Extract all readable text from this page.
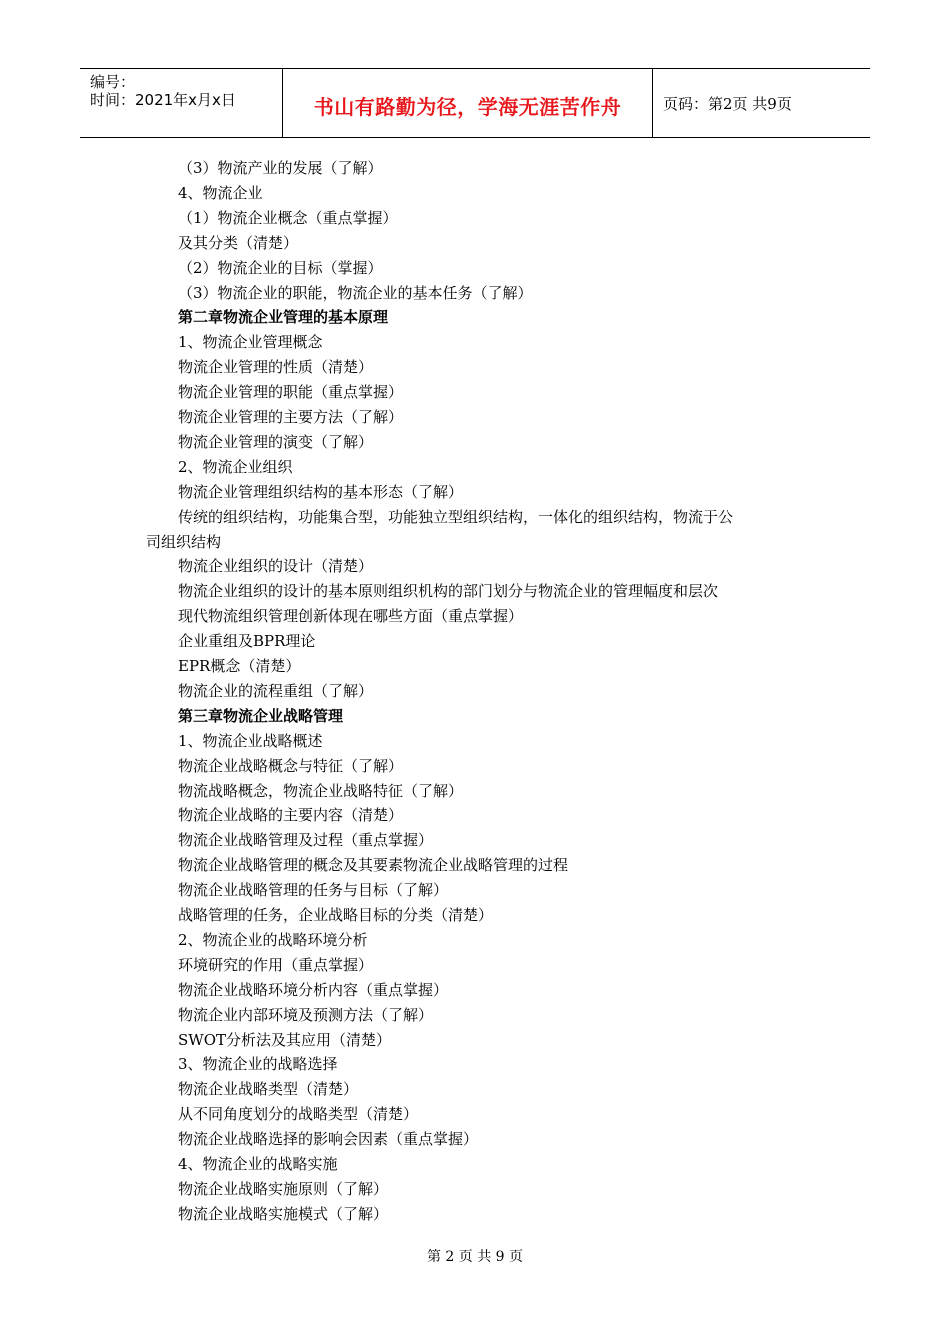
编号：
时间：2021年x月x日	书山有路勤为径，学海无涯苦作舟	页码：第2页 共9页
（3）物流产业的发展（了解）
4、物流企业
（1）物流企业概念（重点掌握）
及其分类（清楚）
（2）物流企业的目标（掌握）
（3）物流企业的职能，物流企业的基本任务（了解）
第二章物流企业管理的基本原理
1、物流企业管理概念
物流企业管理的性质（清楚）
物流企业管理的职能（重点掌握）
物流企业管理的主要方法（了解）
物流企业管理的演变（了解）
2、物流企业组织
物流企业管理组织结构的基本形态（了解）
传统的组织结构，功能集合型，功能独立型组织结构，一体化的组织结构，物流于公
司组织结构
物流企业组织的设计（清楚）
物流企业组织的设计的基本原则组织机构的部门划分与物流企业的管理幅度和层次
现代物流组织管理创新体现在哪些方面（重点掌握）
企业重组及BPR理论
EPR概念（清楚）
物流企业的流程重组（了解）
第三章物流企业战略管理
1、物流企业战略概述
物流企业战略概念与特征（了解）
物流战略概念，物流企业战略特征（了解）
物流企业战略的主要内容（清楚）
物流企业战略管理及过程（重点掌握）
物流企业战略管理的概念及其要素物流企业战略管理的过程
物流企业战略管理的任务与目标（了解）
战略管理的任务，企业战略目标的分类（清楚）
2、物流企业的战略环境分析
环境研究的作用（重点掌握）
物流企业战略环境分析内容（重点掌握）
物流企业内部环境及预测方法（了解）
SWOT分析法及其应用（清楚）
3、物流企业的战略选择
物流企业战略类型（清楚）
从不同角度划分的战略类型（清楚）
物流企业战略选择的影响会因素（重点掌握）
4、物流企业的战略实施
物流企业战略实施原则（了解）
物流企业战略实施模式（了解）
第 2 页 共 9 页
